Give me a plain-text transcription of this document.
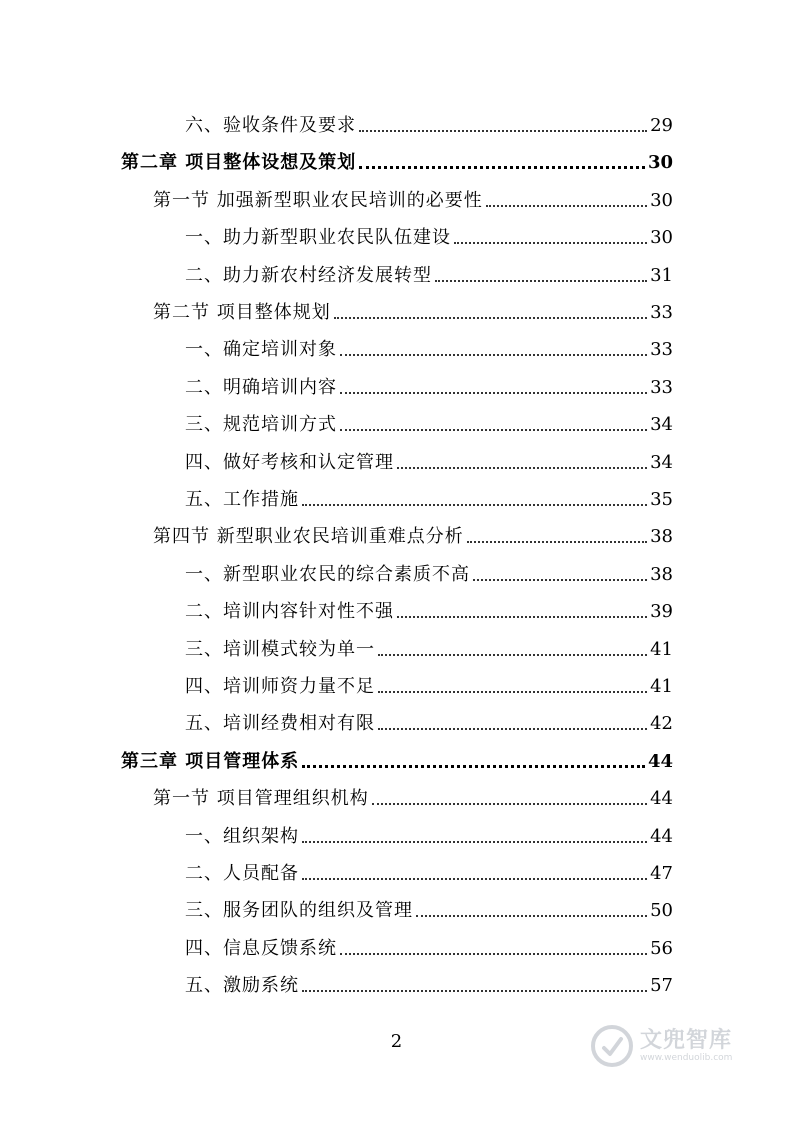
六、验收条件及要求	29
第二章 项目整体设想及策划	30
第一节 加强新型职业农民培训的必要性	30
一、助力新型职业农民队伍建设	30
二、助力新农村经济发展转型	31
第二节 项目整体规划	33
一、确定培训对象	33
二、明确培训内容	33
三、规范培训方式	34
四、做好考核和认定管理	34
五、工作措施	35
第四节 新型职业农民培训重难点分析	38
一、新型职业农民的综合素质不高	38
二、培训内容针对性不强	39
三、培训模式较为单一	41
四、培训师资力量不足	41
五、培训经费相对有限	42
第三章 项目管理体系	44
第一节 项目管理组织机构	44
一、组织架构	44
二、人员配备	47
三、服务团队的组织及管理	50
四、信息反馈系统	56
五、激励系统	57
2	文兜智库
www.wenduolib.com
